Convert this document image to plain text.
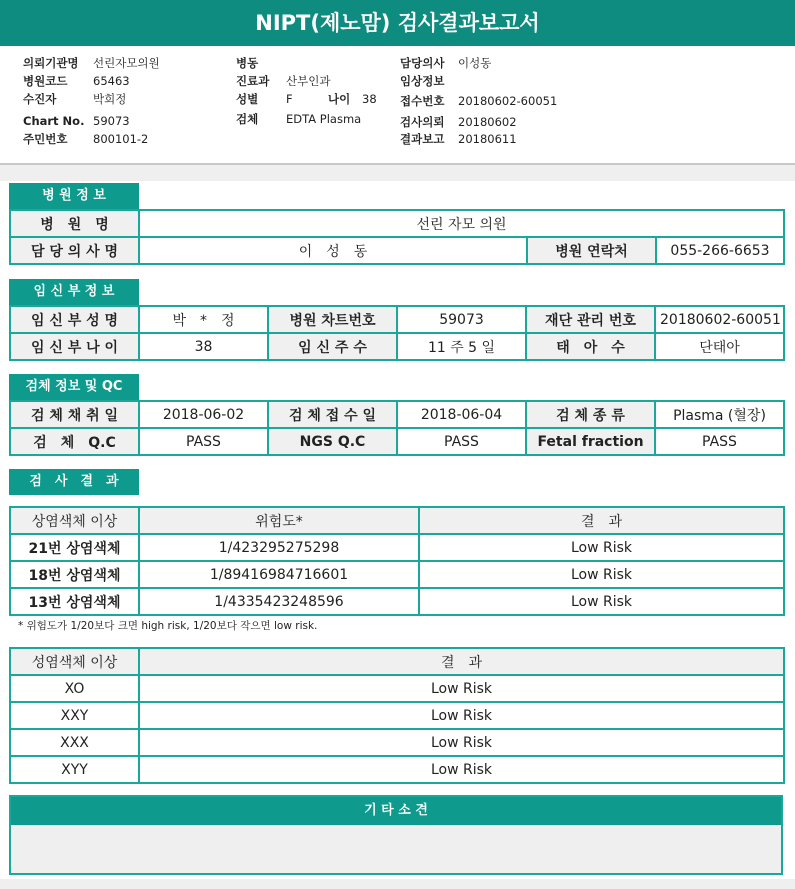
NIPT(제노맘) 검사결과보고서
의뢰기관명 선린자모의원
병원코드 65463
수진자	박희정
Chart No. 59073
주민번호 800101-2
병동
진료과 산부인과
성별 F	나이 38
검체 EDTA Plasma
담당의사 이성동
임상정보
접수번호 20180602-60051
검사의뢰 20180602
결과보고 20180611
병 원 정 보
병　원　명	선린 자모 의원		
담 당 의 사 명	이　성　동	병원 연락처	055-266-6653
임 신 부 정 보
임 신 부 성 명	박　*　정	병원 차트번호	59073	재단 관리 번호	20180602-60051
임 신 부 나 이	38	임 신 주 수	11 주 5 일	태　아　수	단태아
검체 정보 및 QC
검 체 채 취 일	2018-06-02	검 체 접 수 일	2018-06-04	검 체 종 류	Plasma (혈장)
검　체　Q.C	PASS	NGS Q.C	PASS	Fetal fraction	PASS
검　사　결　과
상염색체 이상	위험도*	결　과
21번 상염색체	1/423295275298	Low Risk
18번 상염색체	1/89416984716601	Low Risk
13번 상염색체	1/4335423248596	Low Risk
* 위험도가 1/20보다 크면 high risk, 1/20보다 작으면 low risk.
성염색체 이상	결　과
XO	Low Risk
XXY	Low Risk
XXX	Low Risk
XYY	Low Risk
기 타 소 견
